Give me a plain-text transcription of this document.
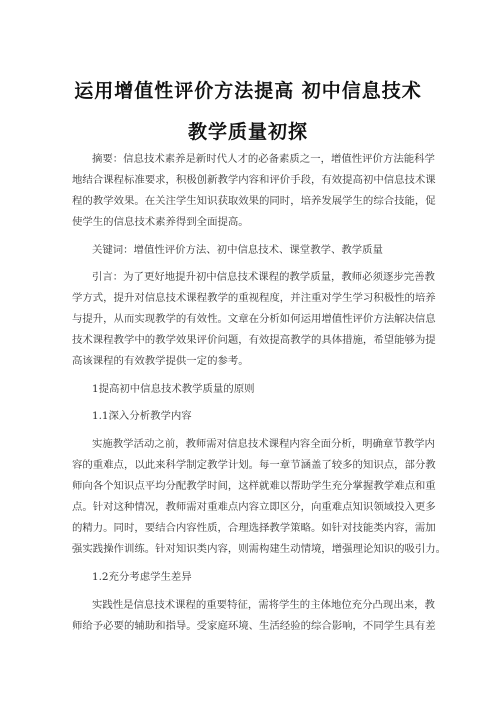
运用增值性评价方法提高 初中信息技术
教学质量初探
摘要：信息技术素养是新时代人才的必备素质之一，增值性评价方法能科学
地结合课程标准要求，积极创新教学内容和评价手段，有效提高初中信息技术课
程的教学效果。在关注学生知识获取效果的同时，培养发展学生的综合技能，促
使学生的信息技术素养得到全面提高。
关键词：增值性评价方法、初中信息技术、课堂教学、教学质量
引言：为了更好地提升初中信息技术课程的教学质量，教师必须逐步完善教
学方式，提升对信息技术课程教学的重视程度，并注重对学生学习积极性的培养
与提升，从而实现教学的有效性。文章在分析如何运用增值性评价方法解决信息
技术课程教学中的教学效果评价问题，有效提高教学的具体措施，希望能够为提
高该课程的有效教学提供一定的参考。
1提高初中信息技术教学质量的原则
1.1深入分析教学内容
实施教学活动之前，教师需对信息技术课程内容全面分析，明确章节教学内
容的重难点，以此来科学制定教学计划。每一章节涵盖了较多的知识点，部分教
师向各个知识点平均分配教学时间，这样就难以帮助学生充分掌握教学难点和重
点。针对这种情况，教师需对重难点内容立即区分，向重难点知识领域投入更多
的精力。同时，要结合内容性质，合理选择教学策略。如针对技能类内容，需加
强实践操作训练。针对知识类内容，则需构建生动情境，增强理论知识的吸引力。
1.2充分考虑学生差异
实践性是信息技术课程的重要特征，需将学生的主体地位充分凸现出来，教
师给予必要的辅助和指导。受家庭环境、生活经验的综合影响，不同学生具有差
